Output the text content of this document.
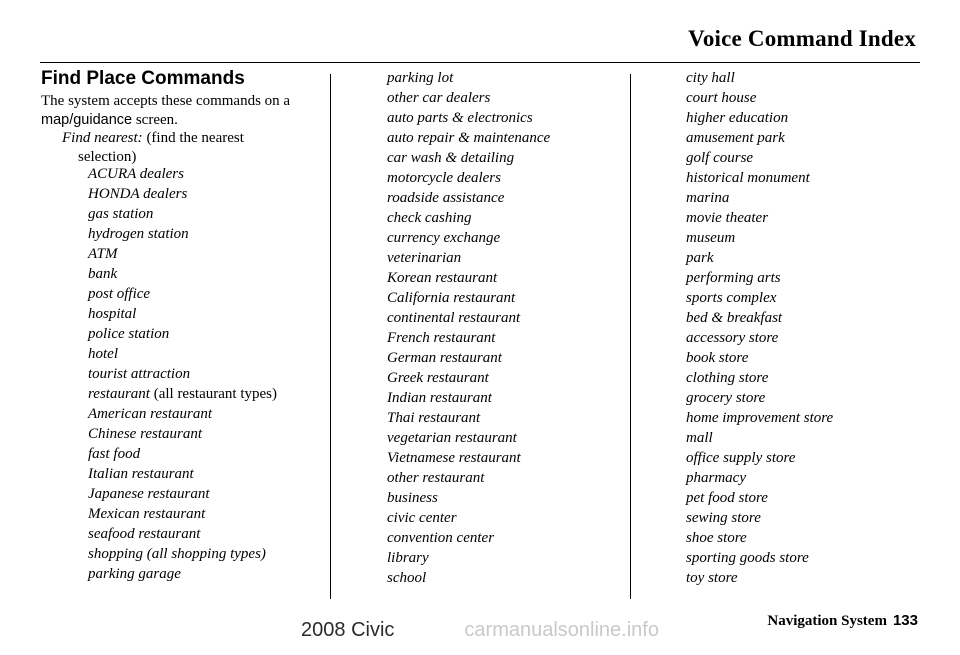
Voice Command Index
Find Place Commands

The system accepts these commands on a map/guidance screen.

Find nearest: (find the nearest
selection)

ACURA dealers
HONDA dealers
gas station
hydrogen station
ATM
bank
post office
hospital
police station
hotel
tourist attraction
restaurant (all restaurant types)
American restaurant
Chinese restaurant
fast food
Italian restaurant
Japanese restaurant
Mexican restaurant
seafood restaurant
shopping (all shopping types)
parking garage
parking lot
other car dealers
auto parts & electronics
auto repair & maintenance
car wash & detailing
motorcycle dealers
roadside assistance
check cashing
currency exchange
veterinarian
Korean restaurant
California restaurant
continental restaurant
French restaurant
German restaurant
Greek restaurant
Indian restaurant
Thai restaurant
vegetarian restaurant
Vietnamese restaurant
other restaurant
business
civic center
convention center
library
school
city hall
court house
higher education
amusement park
golf course
historical monument
marina
movie theater
museum
park
performing arts
sports complex
bed & breakfast
accessory store
book store
clothing store
grocery store
home improvement store
mall
office supply store
pharmacy
pet food store
sewing store
shoe store
sporting goods store
toy store
Navigation System 133
2008 Civic	carmanualsonline.info
